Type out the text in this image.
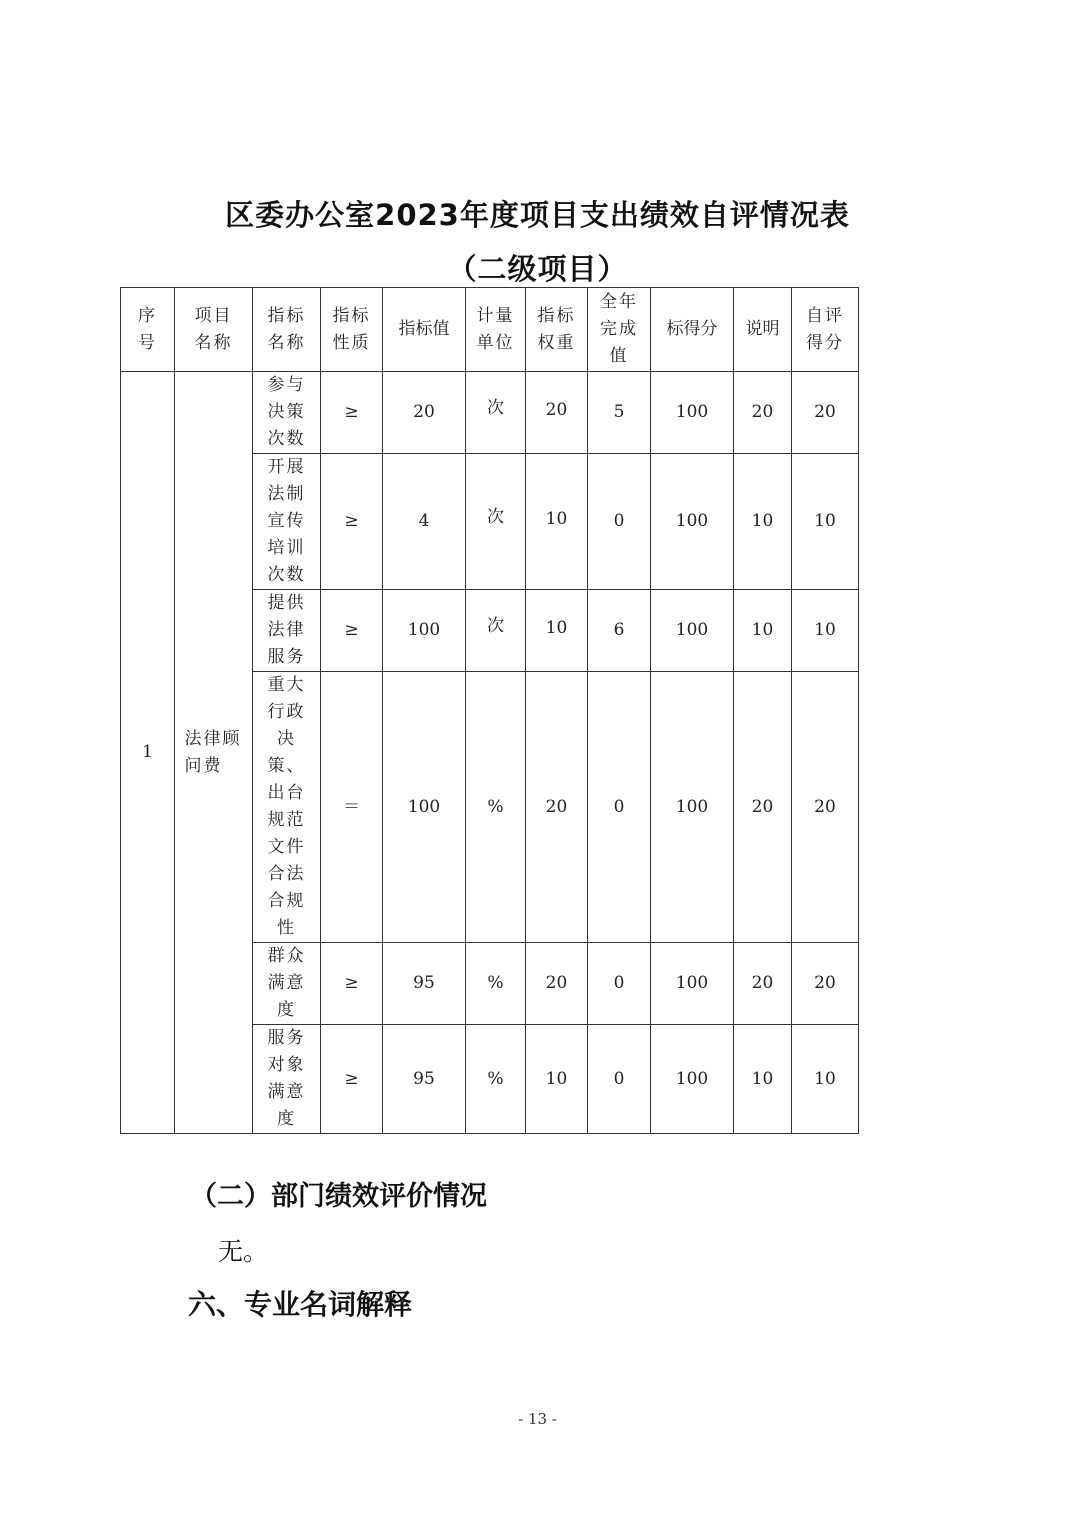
区委办公室2023年度项目支出绩效自评情况表
（二级项目）
序号	项目名称	指标名称	指标性质	指标值	计量单位	指标权重	全年完成值	标得分	说明	自评得分

1	法律顾问费	参与决策次数	≥	20	次	20	5	100	20	20

		开展法制宣传培训次数	≥	4	次	10	0	100	10	10

		提供法律服务	≥	100	次	10	6	100	10	10

		重大行政决策、出台规范文件合法合规性	＝	100	%	20	0	100	20	20

		群众满意度	≥	95	%	20	0	100	20	20

		服务对象满意度	≥	95	%	10	0	100	10	10
（二）部门绩效评价情况

无。

六、专业名词解释

- 13 -
